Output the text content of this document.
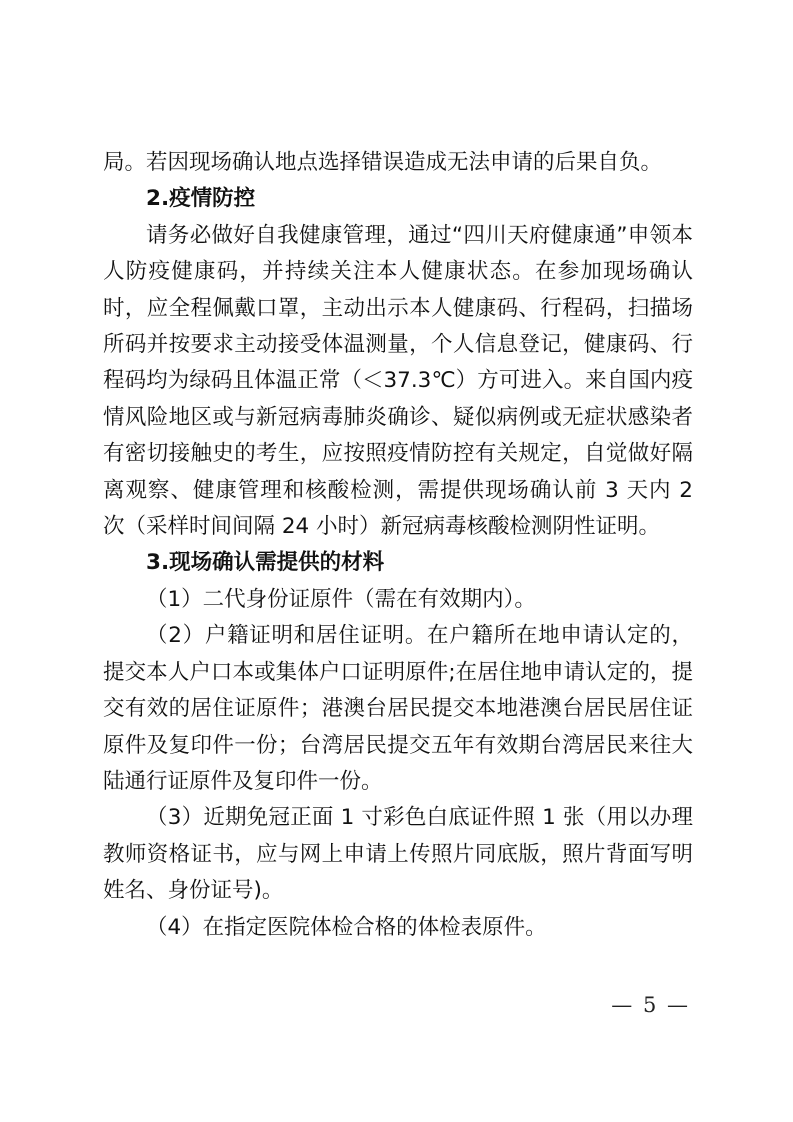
局。若因现场确认地点选择错误造成无法申请的后果自负。

2.疫情防控

请务必做好自我健康管理，通过“四川天府健康通”申领本人防疫健康码，并持续关注本人健康状态。在参加现场确认时，应全程佩戴口罩，主动出示本人健康码、行程码，扫描场所码并按要求主动接受体温测量，个人信息登记，健康码、行程码均为绿码且体温正常（＜37.3℃）方可进入。来自国内疫情风险地区或与新冠病毒肺炎确诊、疑似病例或无症状感染者有密切接触史的考生，应按照疫情防控有关规定，自觉做好隔离观察、健康管理和核酸检测，需提供现场确认前 3 天内 2 次（采样时间间隔 24 小时）新冠病毒核酸检测阴性证明。

3.现场确认需提供的材料

（1）二代身份证原件（需在有效期内）。

（2）户籍证明和居住证明。在户籍所在地申请认定的，提交本人户口本或集体户口证明原件;在居住地申请认定的，提交有效的居住证原件；港澳台居民提交本地港澳台居民居住证原件及复印件一份；台湾居民提交五年有效期台湾居民来往大陆通行证原件及复印件一份。

（3）近期免冠正面 1 寸彩色白底证件照 1 张（用以办理教师资格证书，应与网上申请上传照片同底版，照片背面写明姓名、身份证号)。

（4）在指定医院体检合格的体检表原件。

— 5 —
